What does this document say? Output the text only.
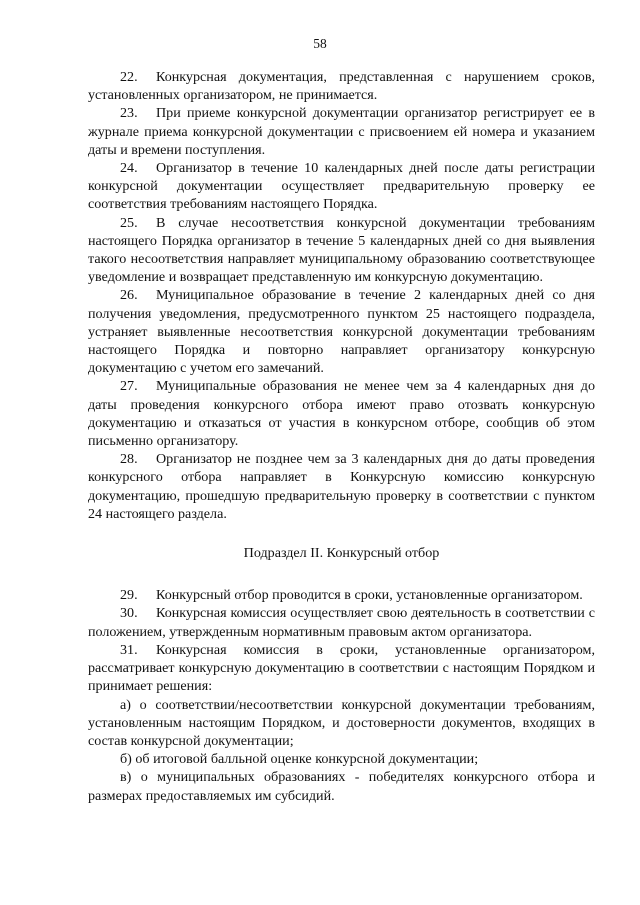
58

22. Конкурсная документация, представленная с нарушением сроков, установленных организатором, не принимается.

23. При приеме конкурсной документации организатор регистрирует ее в журнале приема конкурсной документации с присвоением ей номера и указанием даты и времени поступления.

24. Организатор в течение 10 календарных дней после даты регистрации конкурсной документации осуществляет предварительную проверку ее соответствия требованиям настоящего Порядка.

25. В случае несоответствия конкурсной документации требованиям настоящего Порядка организатор в течение 5 календарных дней со дня выявления такого несоответствия направляет муниципальному образованию соответствующее уведомление и возвращает представленную им конкурсную документацию.

26. Муниципальное образование в течение 2 календарных дней со дня получения уведомления, предусмотренного пунктом 25 настоящего подраздела, устраняет выявленные несоответствия конкурсной документации требованиям настоящего Порядка и повторно направляет организатору конкурсную документацию с учетом его замечаний.

27. Муниципальные образования не менее чем за 4 календарных дня до даты проведения конкурсного отбора имеют право отозвать конкурсную документацию и отказаться от участия в конкурсном отборе, сообщив об этом письменно организатору.

28. Организатор не позднее чем за 3 календарных дня до даты проведения конкурсного отбора направляет в Конкурсную комиссию конкурсную документацию, прошедшую предварительную проверку в соответствии с пунктом 24 настоящего раздела.

Подраздел II. Конкурсный отбор

29. Конкурсный отбор проводится в сроки, установленные организатором.

30. Конкурсная комиссия осуществляет свою деятельность в соответствии с положением, утвержденным нормативным правовым актом организатора.

31. Конкурсная комиссия в сроки, установленные организатором, рассматривает конкурсную документацию в соответствии с настоящим Порядком и принимает решения:

а) о соответствии/несоответствии конкурсной документации требованиям, установленным настоящим Порядком, и достоверности документов, входящих в состав конкурсной документации;

б) об итоговой балльной оценке конкурсной документации;

в) о муниципальных образованиях - победителях конкурсного отбора и размерах предоставляемых им субсидий.
